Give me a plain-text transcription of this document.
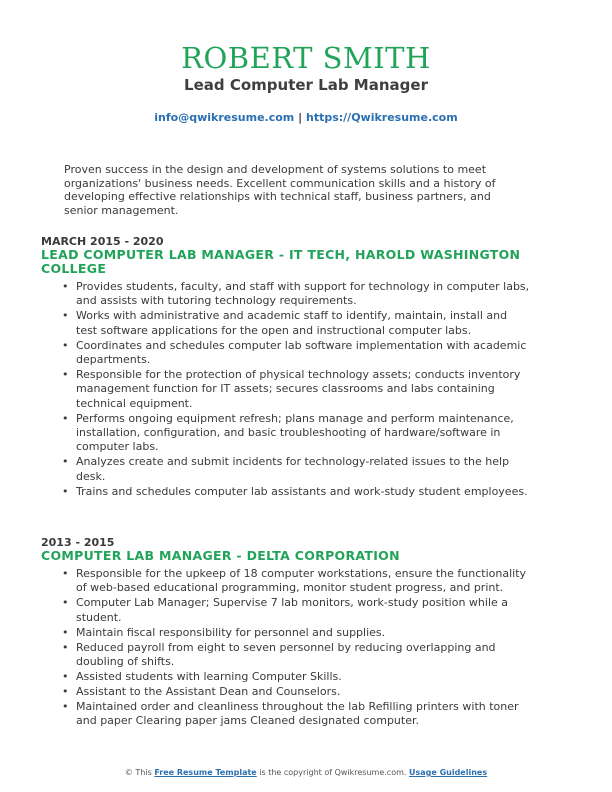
ROBERT SMITH
Lead Computer Lab Manager
info@qwikresume.com | https://Qwikresume.com
Proven success in the design and development of systems solutions to meet organizations' business needs. Excellent communication skills and a history of developing effective relationships with technical staff, business partners, and senior management.
MARCH 2015 - 2020
LEAD COMPUTER LAB MANAGER - IT TECH, HAROLD WASHINGTON COLLEGE
• Provides students, faculty, and staff with support for technology in computer labs, and assists with tutoring technology requirements.
• Works with administrative and academic staff to identify, maintain, install and test software applications for the open and instructional computer labs.
• Coordinates and schedules computer lab software implementation with academic departments.
• Responsible for the protection of physical technology assets; conducts inventory management function for IT assets; secures classrooms and labs containing technical equipment.
• Performs ongoing equipment refresh; plans manage and perform maintenance, installation, configuration, and basic troubleshooting of hardware/software in computer labs.
• Analyzes create and submit incidents for technology-related issues to the help desk.
• Trains and schedules computer lab assistants and work-study student employees.
2013 - 2015
COMPUTER LAB MANAGER - DELTA CORPORATION
• Responsible for the upkeep of 18 computer workstations, ensure the functionality of web-based educational programming, monitor student progress, and print.
• Computer Lab Manager; Supervise 7 lab monitors, work-study position while a student.
• Maintain fiscal responsibility for personnel and supplies.
• Reduced payroll from eight to seven personnel by reducing overlapping and doubling of shifts.
• Assisted students with learning Computer Skills.
• Assistant to the Assistant Dean and Counselors.
• Maintained order and cleanliness throughout the lab Refilling printers with toner and paper Clearing paper jams Cleaned designated computer.
© This Free Resume Template is the copyright of Qwikresume.com. Usage Guidelines
